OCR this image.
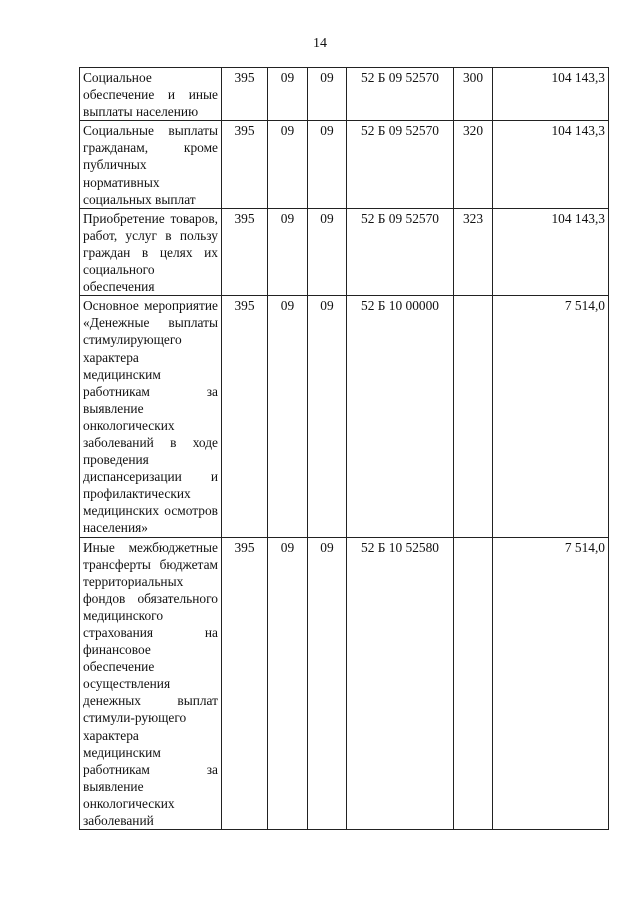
14
Социальное обеспечение и иные выплаты населению	395	09	09	52 Б 09 52570	300	104 143,3
Социальные выплаты гражданам, кроме публичных нормативных социальных выплат	395	09	09	52 Б 09 52570	320	104 143,3
Приобретение товаров, работ, услуг в пользу граждан в целях их социального обеспечения	395	09	09	52 Б 09 52570	323	104 143,3
Основное мероприятие «Денежные выплаты стимулирующего характера медицинским работникам за выявление онкологических заболеваний в ходе проведения диспансеризации и профилактических медицинских осмотров населения»	395	09	09	52 Б 10 00000		7 514,0
Иные межбюджетные трансферты бюджетам территориальных фондов обязательного медицинского страхования на финансовое обеспечение осуществления денежных выплат стимули-рующего характера медицинским работникам за выявление онкологических заболеваний	395	09	09	52 Б 10 52580		7 514,0
